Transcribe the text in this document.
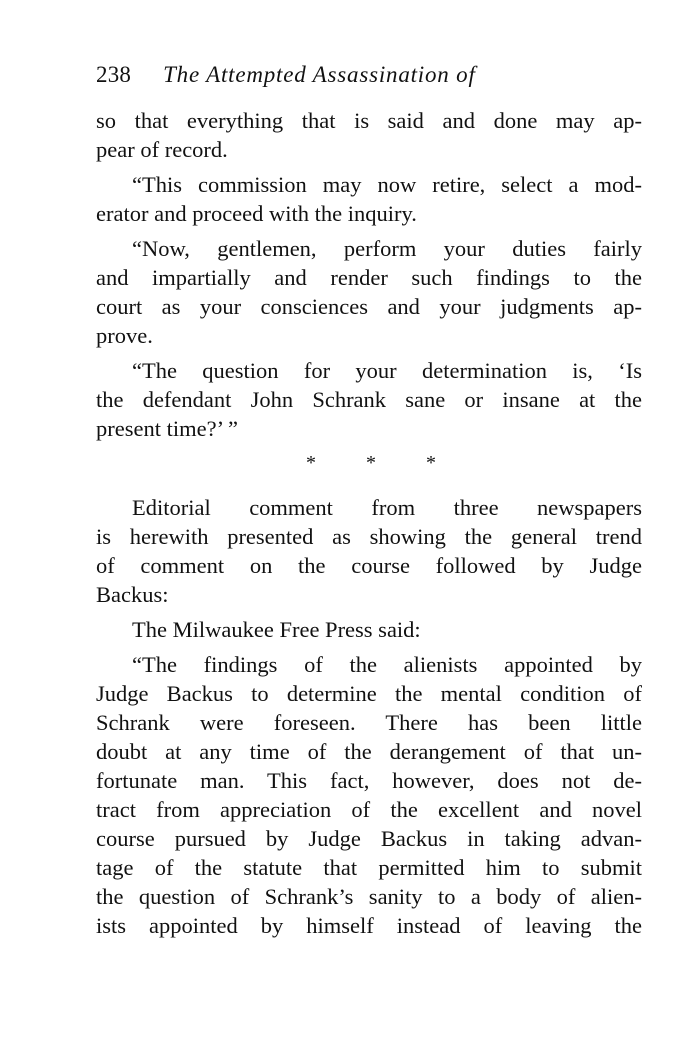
238 The Attempted Assassination of
so that everything that is said and done may ap-
pear of record.
“This commission may now retire, select a mod-
erator and proceed with the inquiry.
“Now, gentlemen, perform your duties fairly
and impartially and render such findings to the
court as your consciences and your judgments ap-
prove.
“The question for your determination is, ‘Is
the defendant John Schrank sane or insane at the
present time?’ ”
*	*	*
Editorial comment from three newspapers
is herewith presented as showing the general trend
of comment on the course followed by Judge
Backus:
The Milwaukee Free Press said:
“The findings of the alienists appointed by
Judge Backus to determine the mental condition of
Schrank were foreseen. There has been little
doubt at any time of the derangement of that un-
fortunate man. This fact, however, does not de-
tract from appreciation of the excellent and novel
course pursued by Judge Backus in taking advan-
tage of the statute that permitted him to submit
the question of Schrank’s sanity to a body of alien-
ists appointed by himself instead of leaving the
